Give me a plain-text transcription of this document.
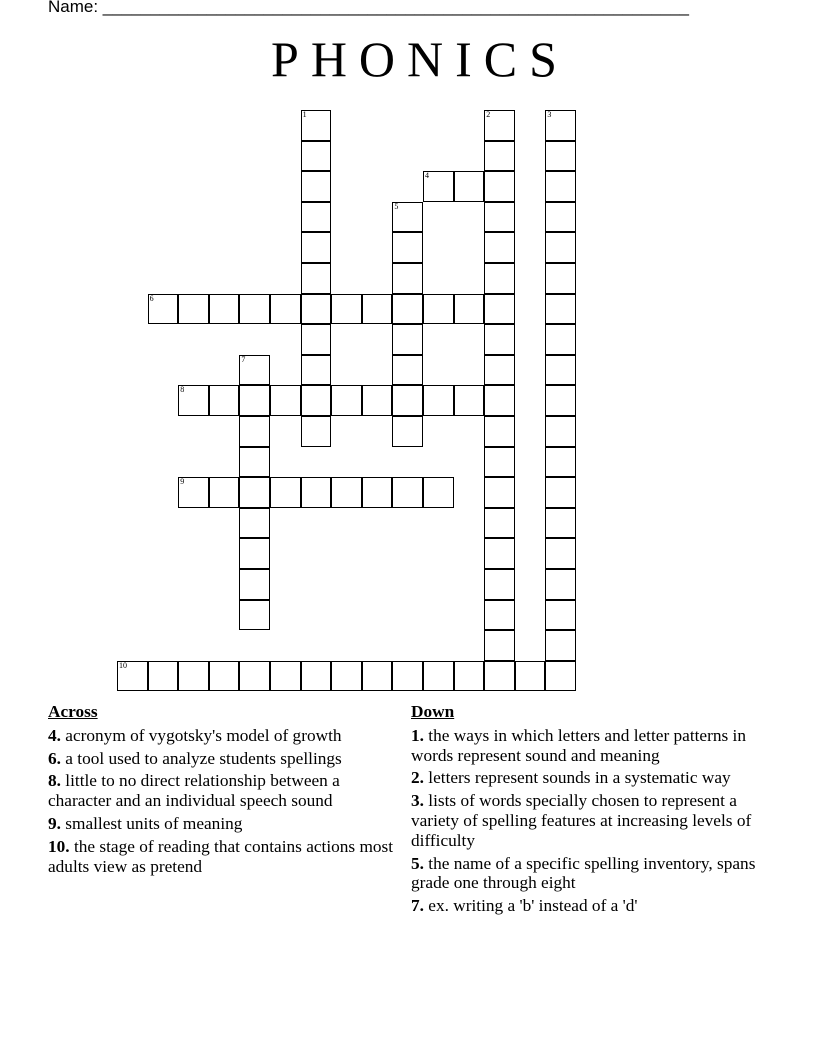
Name: ______________________________________________________________
PHONICS
1	2	3
4
5
6
7
8
9
10
Across
4. acronym of vygotsky's model of growth
6. a tool used to analyze students spellings
8. little to no direct relationship between a character and an individual speech sound
9. smallest units of meaning
10. the stage of reading that contains actions most adults view as pretend
Down
1. the ways in which letters and letter patterns in words represent sound and meaning
2. letters represent sounds in a systematic way
3. lists of words specially chosen to represent a variety of spelling features at increasing levels of difficulty
5. the name of a specific spelling inventory, spans grade one through eight
7. ex. writing a 'b' instead of a 'd'
